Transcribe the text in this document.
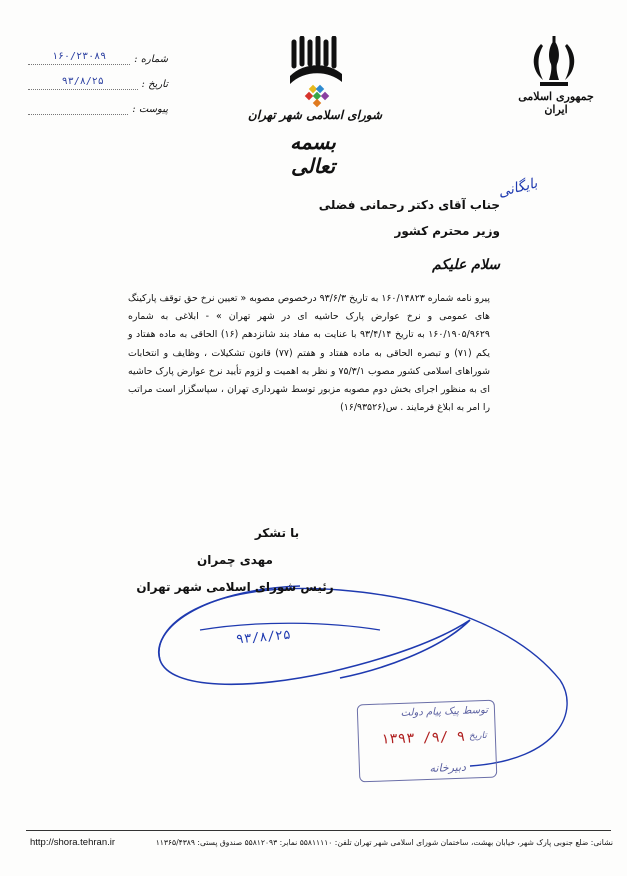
جمهوری اسلامی ایران
شورای اسلامی شهر تهران
بسمه تعالی
شماره :
۱۶۰/۲۳۰۸۹
تاریخ :
۹۳/۸/۲۵
پیوست :
بایگانی
جناب آقای دکتر رحمانی فضلی
وزیر محترم کشور
سلام علیکم
پیرو نامه شماره ۱۶۰/۱۴۸۲۳ به تاریخ ۹۳/۶/۳ درخصوص مصوبه « تعیین نرخ حق توقف پارکینگ های عمومی و نرخ عوارض پارک حاشیه ای در شهر تهران » - ابلاغی به شماره ۱۶۰/۱۹۰۵/۹۶۲۹ به تاریخ ۹۳/۴/۱۴ با عنایت به مفاد بند شانزدهم (۱۶) الحاقی به ماده هفتاد و یکم (۷۱) و تبصره الحاقی به ماده هفتاد و هفتم (۷۷) قانون تشکیلات ، وظایف و انتخابات شوراهای اسلامی کشور مصوب ۷۵/۳/۱ و نظر به اهمیت و لزوم تأیید نرخ عوارض پارک حاشیه ای به منظور اجرای بخش دوم مصوبه مزبور توسط شهرداری تهران ، سپاسگزار است مراتب را امر به ابلاغ فرمایند . س(۱۶/۹۳۵۲۶)
با تشکر
مهدی چمران
رئیس شورای اسلامی شهر تهران
۹۳/۸/۲۵
توسط پیک پیام دولت
تاریخ
۱۳۹۳ /۹/ ۹
دبیرخانه
http://shora.tehran.ir	نشانی: ضلع جنوبی پارک شهر، خیابان بهشت، ساختمان شورای اسلامی شهر تهران تلفن: ۵۵۸۱۱۱۱۰ نمابر: ۵۵۸۱۲۰۹۳ صندوق پستی: ۱۱۳۶۵/۴۳۸۹
